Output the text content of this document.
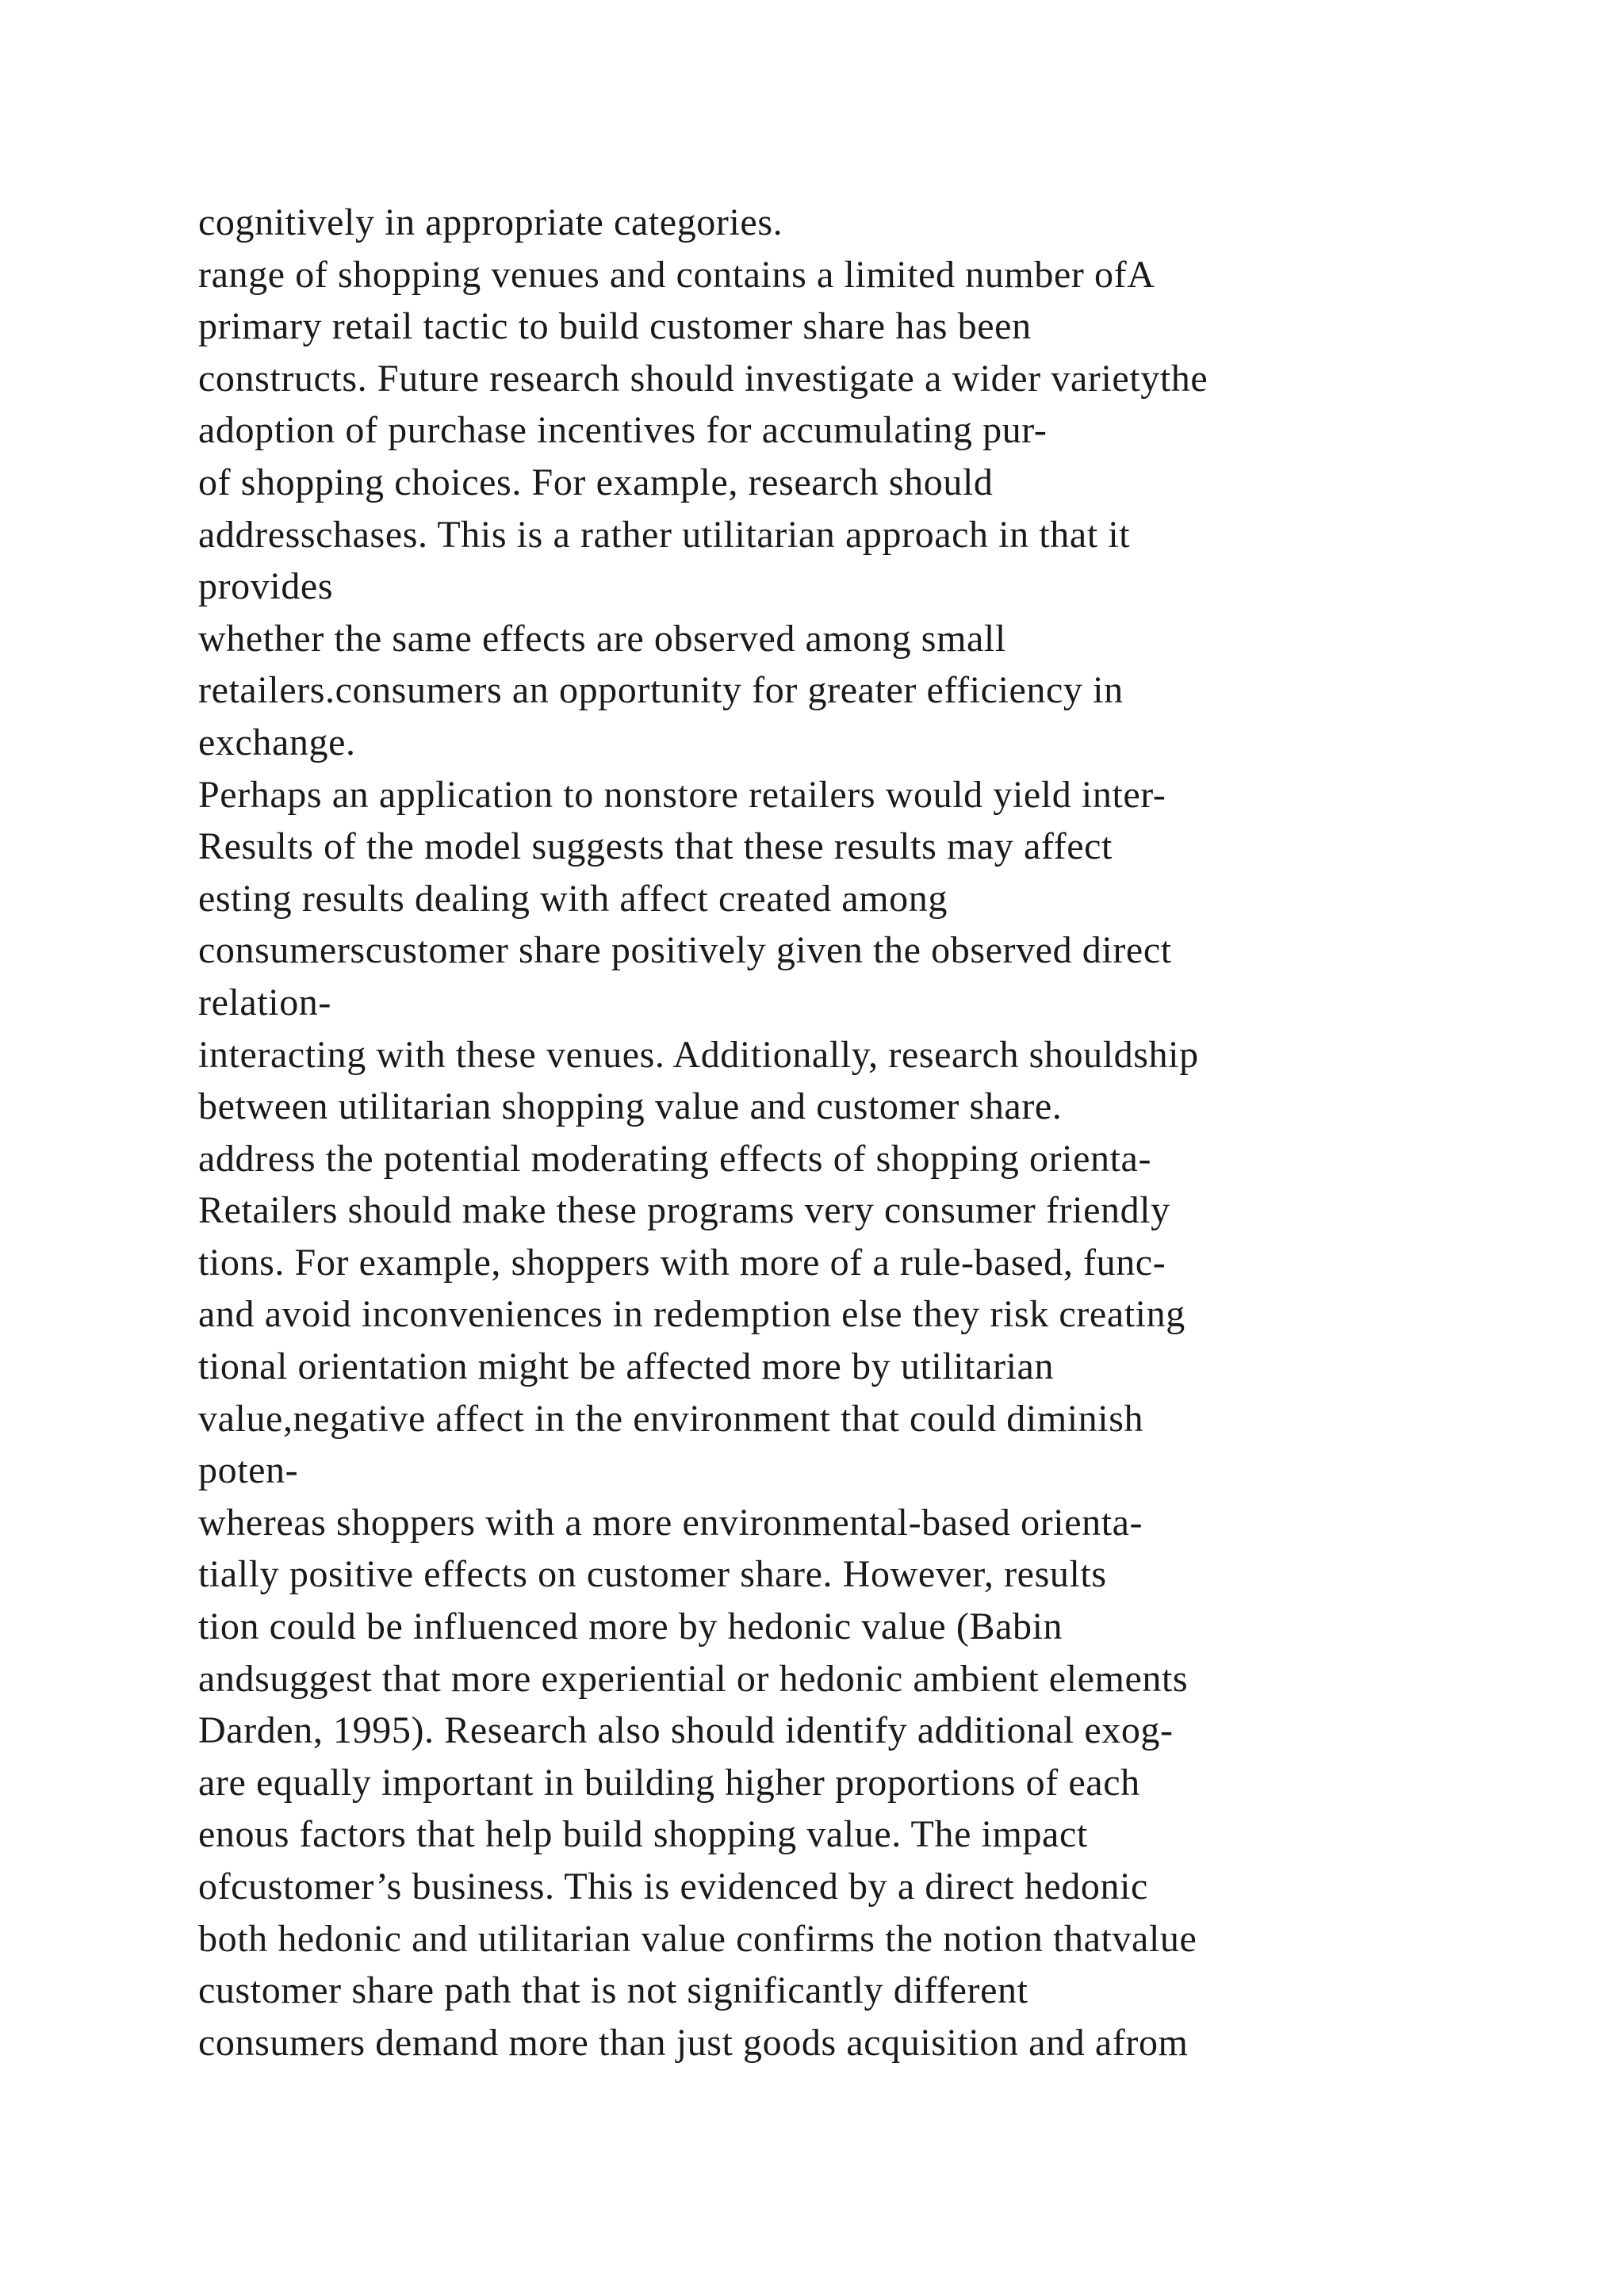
cognitively in appropriate categories.
range of shopping venues and contains a limited number ofA
primary retail tactic to build customer share has been
constructs. Future research should investigate a wider varietythe
adoption of purchase incentives for accumulating pur-
of shopping choices. For example, research should
addresschases. This is a rather utilitarian approach in that it
provides
whether the same effects are observed among small
retailers.consumers an opportunity for greater efficiency in
exchange.
Perhaps an application to nonstore retailers would yield inter-
Results of the model suggests that these results may affect
esting results dealing with affect created among
consumerscustomer share positively given the observed direct
relation-
interacting with these venues. Additionally, research shouldship
between utilitarian shopping value and customer share.
address the potential moderating effects of shopping orienta-
Retailers should make these programs very consumer friendly
tions. For example, shoppers with more of a rule-based, func-
and avoid inconveniences in redemption else they risk creating
tional orientation might be affected more by utilitarian
value,negative affect in the environment that could diminish
poten-
whereas shoppers with a more environmental-based orienta-
tially positive effects on customer share. However, results
tion could be influenced more by hedonic value (Babin
andsuggest that more experiential or hedonic ambient elements
Darden, 1995). Research also should identify additional exog-
are equally important in building higher proportions of each
enous factors that help build shopping value. The impact
ofcustomer’s business. This is evidenced by a direct hedonic
both hedonic and utilitarian value confirms the notion thatvalue
customer share path that is not significantly different
consumers demand more than just goods acquisition and afrom
